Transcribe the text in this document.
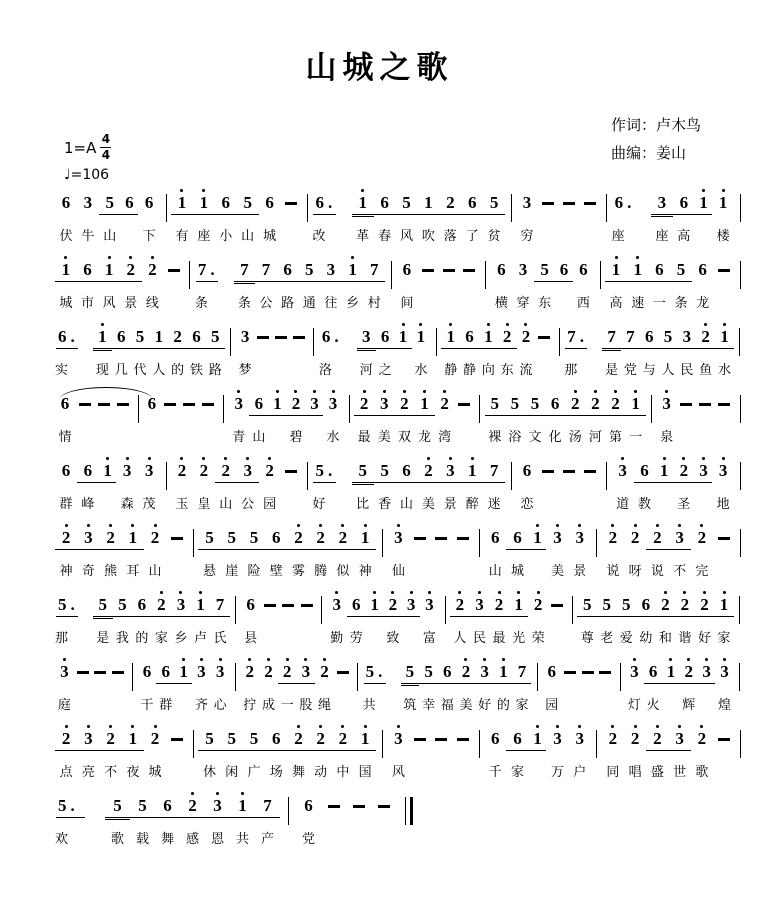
山城之歌
作词：卢木鸟
曲编：姜山
$1=A \frac{4}{4}$
♩=106
6
伏
3
牛
5
山
6 6
下
1
有
1
座
6
小
5
山
6
城
6 .
改
1
革
6
春
5
风
1
吹
2
落
6
了
5
贫
3
穷
6 .
座
3
座
6
高
1 1
楼
1
城
6
市
1
风
2
景
2
线
7 .
条
7
条
7
公
6
路
5
通
3
往
1
乡
7
村
6
间
6
横
3
穿
5
东
6 6
西
1
高
1
速
6
一
5
条
6
龙
6 .
实
1
现
6
几
5
代
1
人
2
的
6
铁
5
路
3
梦
6 .
洛
3
河
6
之
1 1
水
1
静
6
静
1
向
2
东
2
流
7 .
那
7
是
7
党
6
与
5
人
3
民
2
鱼
1
水
6
情
6	3
青
6
山
1 2
碧
3 3
水
2
最
3
美
2
双
1
龙
2
湾
5
裸
5
浴
5
文
6
化
2
汤
2
河
2
第
1
一
3
泉
6
群
6
峰
1 3
森
3
茂
2
玉
2
皇
2
山
3
公
2
园
5 .
好
5
比
5
香
6
山
2
美
3
景
1
醉
7
迷
6
恋
3
道
6
教
1 2
圣
3 3
地
2
神
3
奇
2
熊
1
耳
2
山
5
悬
5
崖
5
险
6
壁
2
雾
2
腾
2
似
1
神
3
仙
6
山
6
城
1 3
美
3
景
2
说
2
呀
2
说
3
不
2
完
5 .
那
5
是
5
我
6
的
2
家
3
乡
1
卢
7
氏
6
县
3
勤
6
劳
1 2
致
3 3
富
2
人
3
民
2
最
1
光
2
荣
5
尊
5
老
5
爱
6
幼
2
和
2
谐
2
好
1
家
3
庭
6
干
6
群
1 3
齐
3
心
2
拧
2
成
2
一
3
股
2
绳
5 .
共
5
筑
5
幸
6
福
2
美
3
好
1
的
7
家
6
园
3
灯
6
火
1 2
辉
3 3
煌
2
点
3
亮
2
不
1
夜
2
城
5
休
5
闲
5
广
6
场
2
舞
2
动
2
中
1
国
3
风
6
千
6
家
1 3
万
3
户
2
同
2
唱
2
盛
3
世
2
歌
5 .
欢
5
歌
5
载
6
舞
2
感
3
恩
1
共
7
产
6
党
